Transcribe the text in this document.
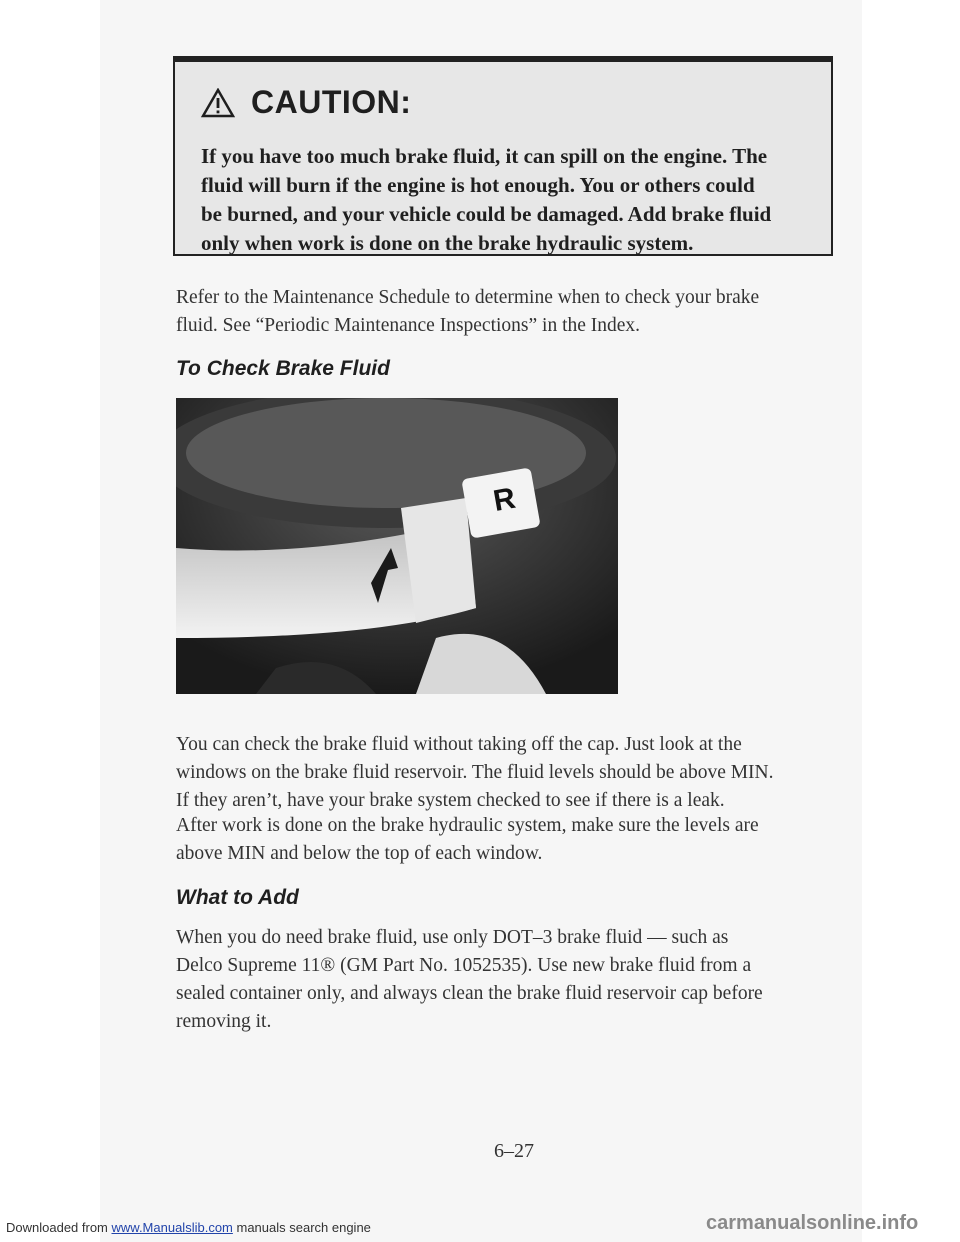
CAUTION:
If you have too much brake fluid, it can spill on the engine. The
fluid will burn if the engine is hot enough. You or others could
be burned, and your vehicle could be damaged. Add brake fluid
only when work is done on the brake hydraulic system.
Refer to the Maintenance Schedule to determine when to check your brake
fluid. See “Periodic Maintenance Inspections” in the Index.
To Check Brake Fluid
R
You can check the brake fluid without taking off the cap. Just look at the
windows on the brake fluid reservoir. The fluid levels should be above MIN.
If they aren’t, have your brake system checked to see if there is a leak.
After work is done on the brake hydraulic system, make sure the levels are
above MIN and below the top of each window.
What to Add
When you do need brake fluid, use only DOT–3 brake fluid — such as
Delco Supreme 11® (GM Part No. 1052535). Use new brake fluid from a
sealed container only, and always clean the brake fluid reservoir cap before
removing it.
6–27
Downloaded from www.Manualslib.com manuals search engine	carmanualsonline.info
